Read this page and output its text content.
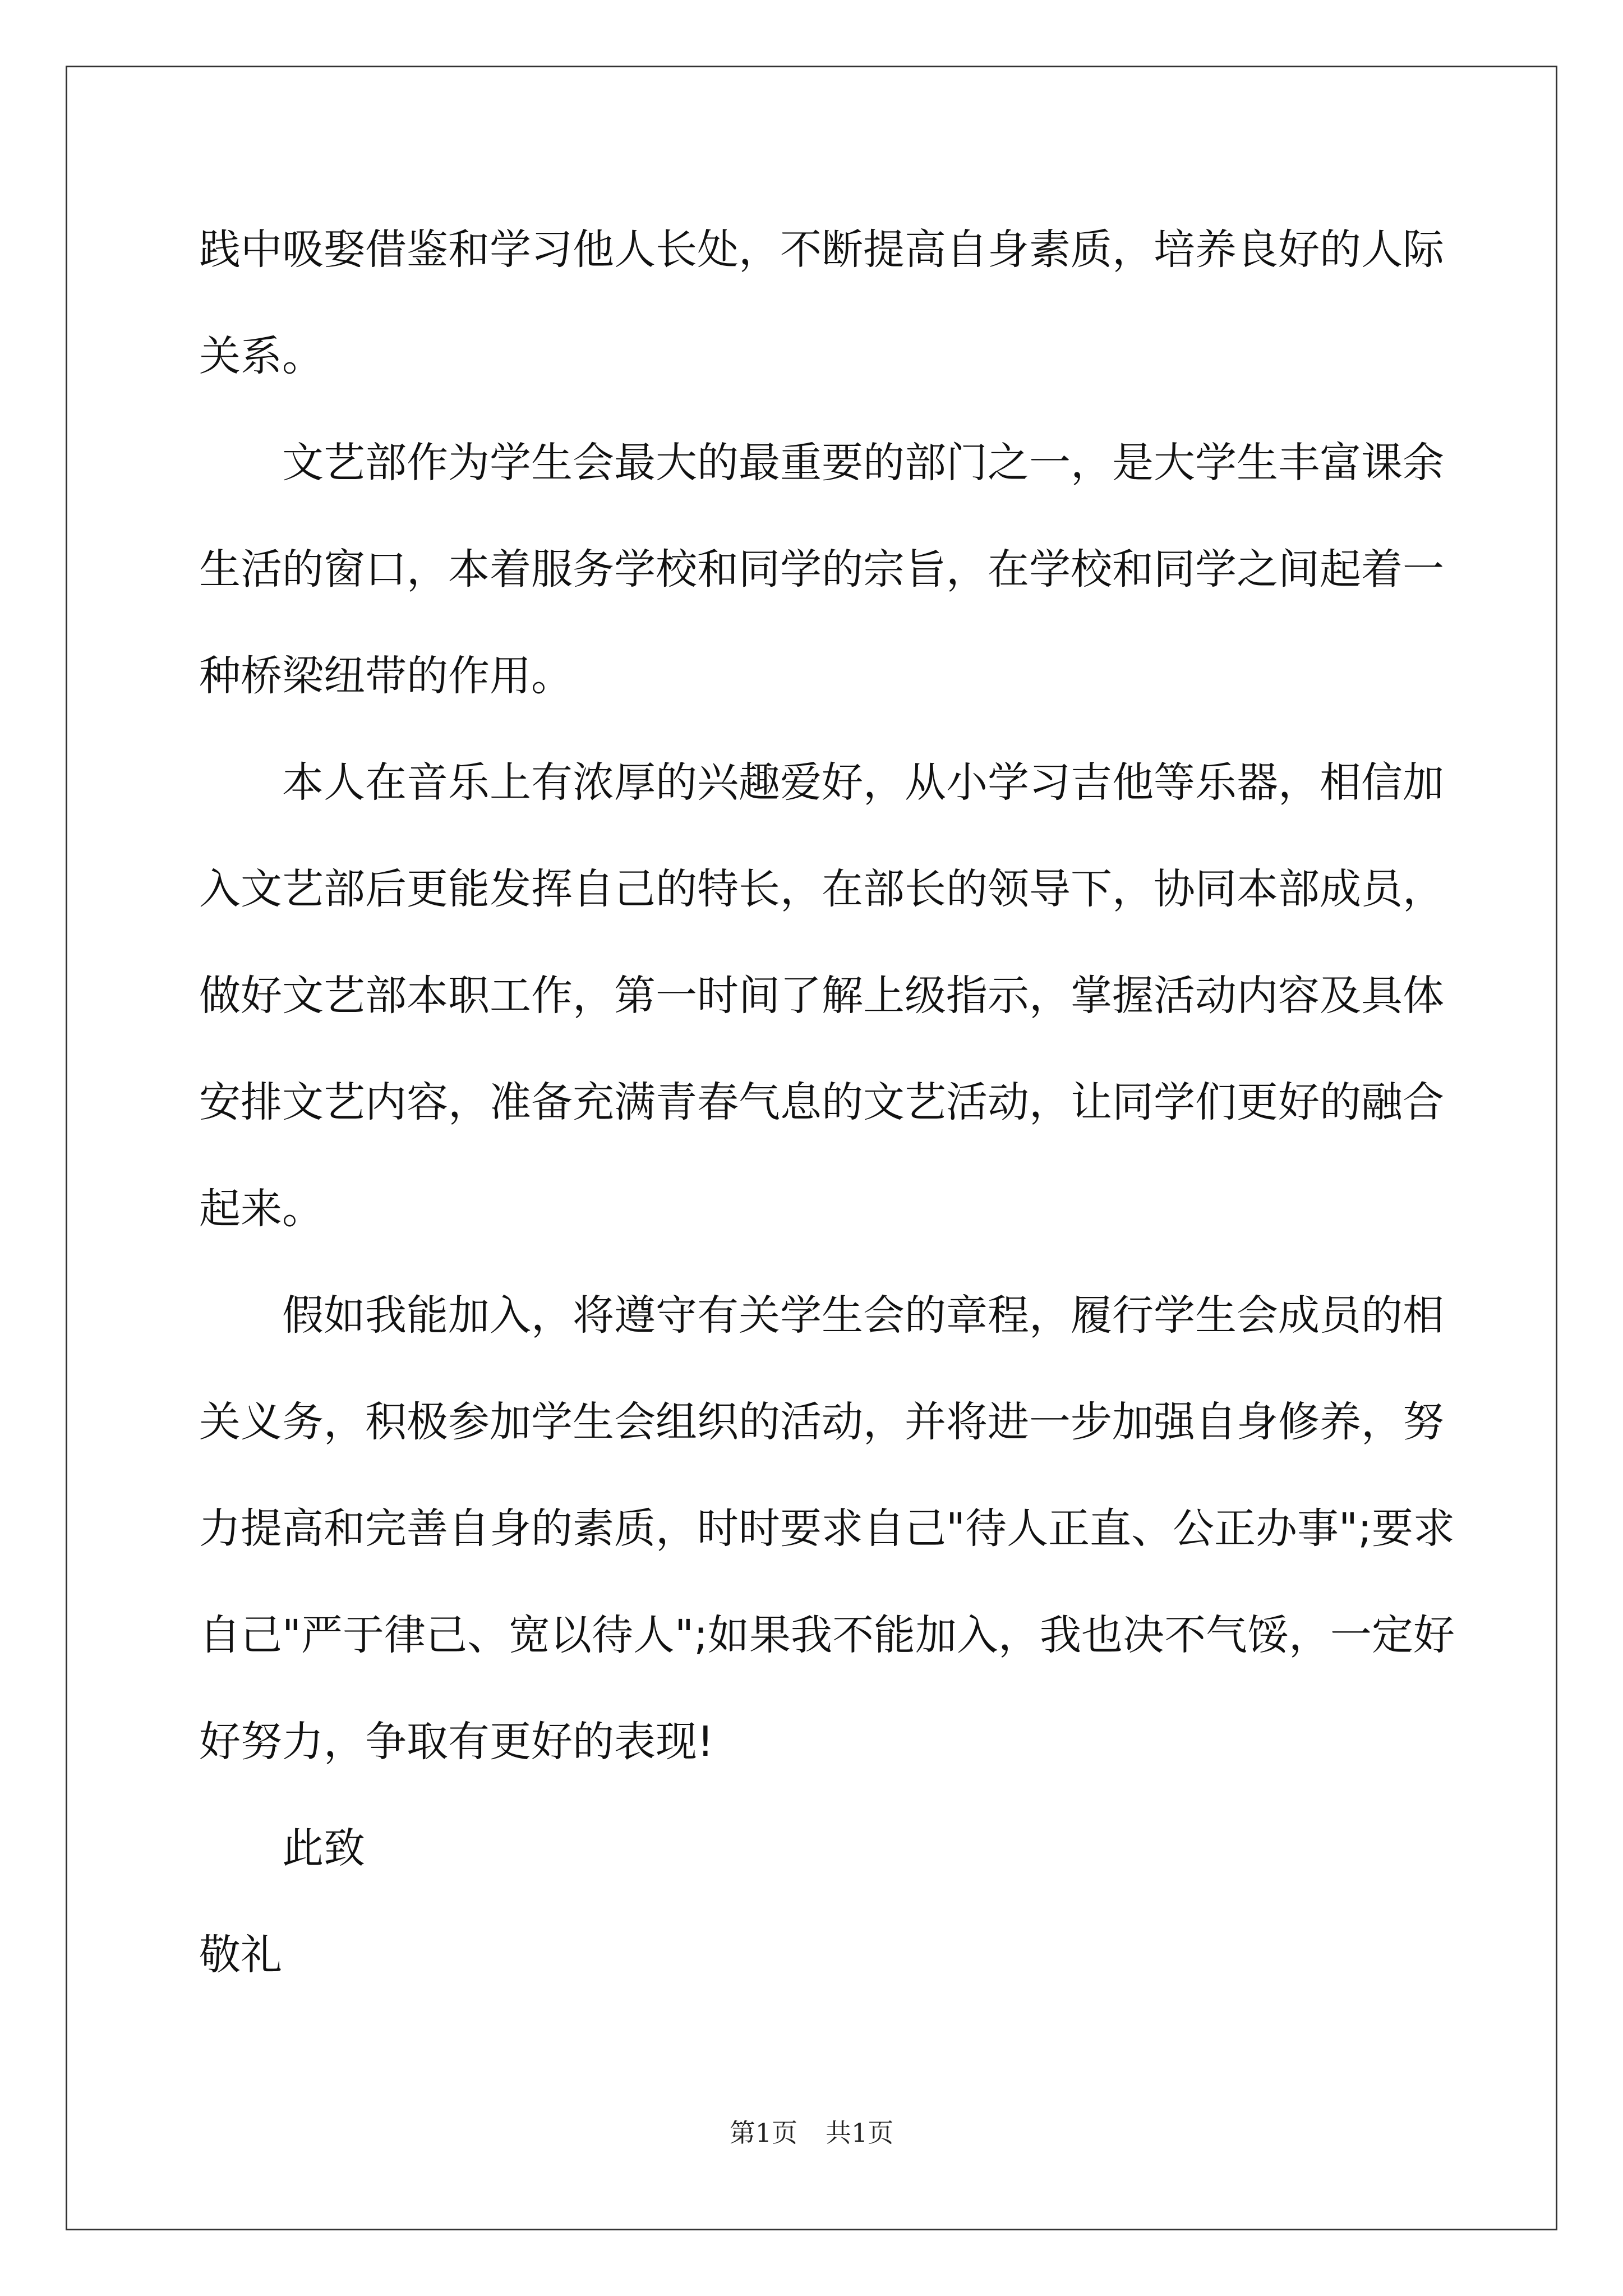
践中吸娶借鉴和学习他人长处，不断提高自身素质，培养良好的人际
关系。
文艺部作为学生会最大的最重要的部门之一，是大学生丰富课余
生活的窗口，本着服务学校和同学的宗旨，在学校和同学之间起着一
种桥梁纽带的作用。
本人在音乐上有浓厚的兴趣爱好，从小学习吉他等乐器，相信加
入文艺部后更能发挥自己的特长，在部长的领导下，协同本部成员，
做好文艺部本职工作，第一时间了解上级指示，掌握活动内容及具体
安排文艺内容，准备充满青春气息的文艺活动，让同学们更好的融合
起来。
假如我能加入，将遵守有关学生会的章程，履行学生会成员的相
关义务，积极参加学生会组织的活动，并将进一步加强自身修养，努
力提高和完善自身的素质，时时要求自己"待人正直、公正办事";要求
自己"严于律己、宽以待人";如果我不能加入，我也决不气馁，一定好
好努力，争取有更好的表现!
此致
敬礼
第1页 共1页
